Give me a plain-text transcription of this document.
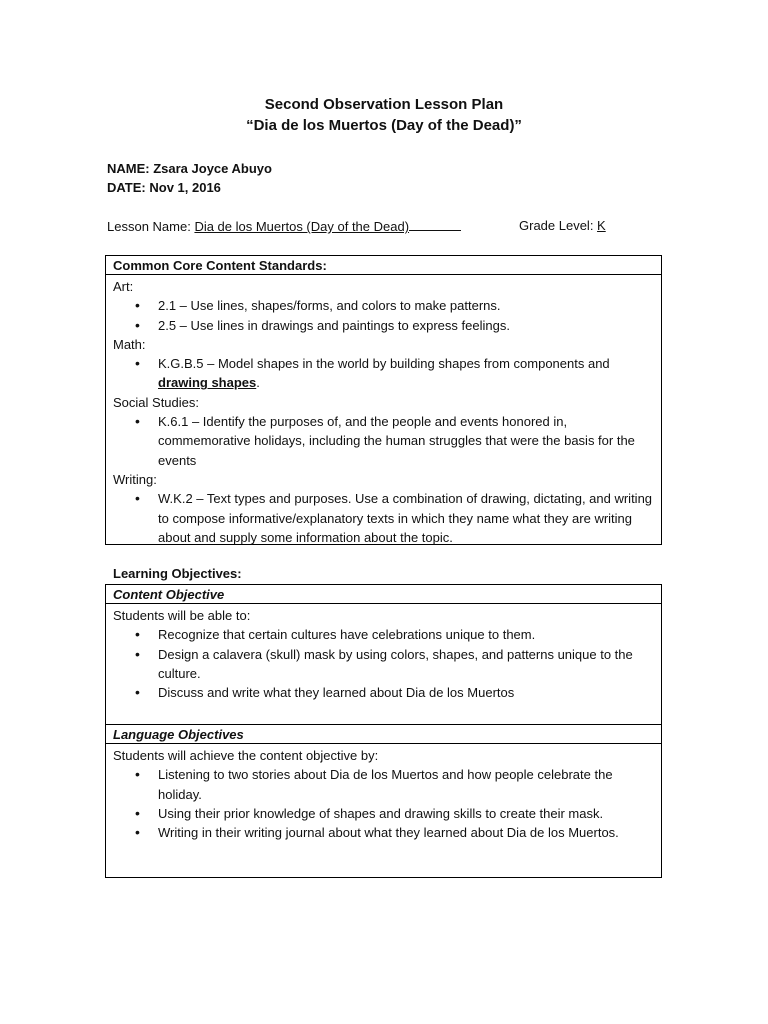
Second Observation Lesson Plan
“Dia de los Muertos (Day of the Dead)”
NAME: Zsara Joyce Abuyo
DATE: Nov 1, 2016
Lesson Name: Dia de los Muertos (Day of the Dead)	Grade Level: K
Common Core Content Standards:
Art:
• 2.1 – Use lines, shapes/forms, and colors to make patterns.
• 2.5 – Use lines in drawings and paintings to express feelings.
Math:
• K.G.B.5 – Model shapes in the world by building shapes from components and drawing shapes.
Social Studies:
• K.6.1 – Identify the purposes of, and the people and events honored in, commemorative holidays, including the human struggles that were the basis for the events
Writing:
• W.K.2 – Text types and purposes. Use a combination of drawing, dictating, and writing to compose informative/explanatory texts in which they name what they are writing about and supply some information about the topic.
Learning Objectives:
Content Objective
Students will be able to:
• Recognize that certain cultures have celebrations unique to them.
• Design a calavera (skull) mask by using colors, shapes, and patterns unique to the culture.
• Discuss and write what they learned about Dia de los Muertos
Language Objectives
Students will achieve the content objective by:
• Listening to two stories about Dia de los Muertos and how people celebrate the holiday.
• Using their prior knowledge of shapes and drawing skills to create their mask.
• Writing in their writing journal about what they learned about Dia de los Muertos.
